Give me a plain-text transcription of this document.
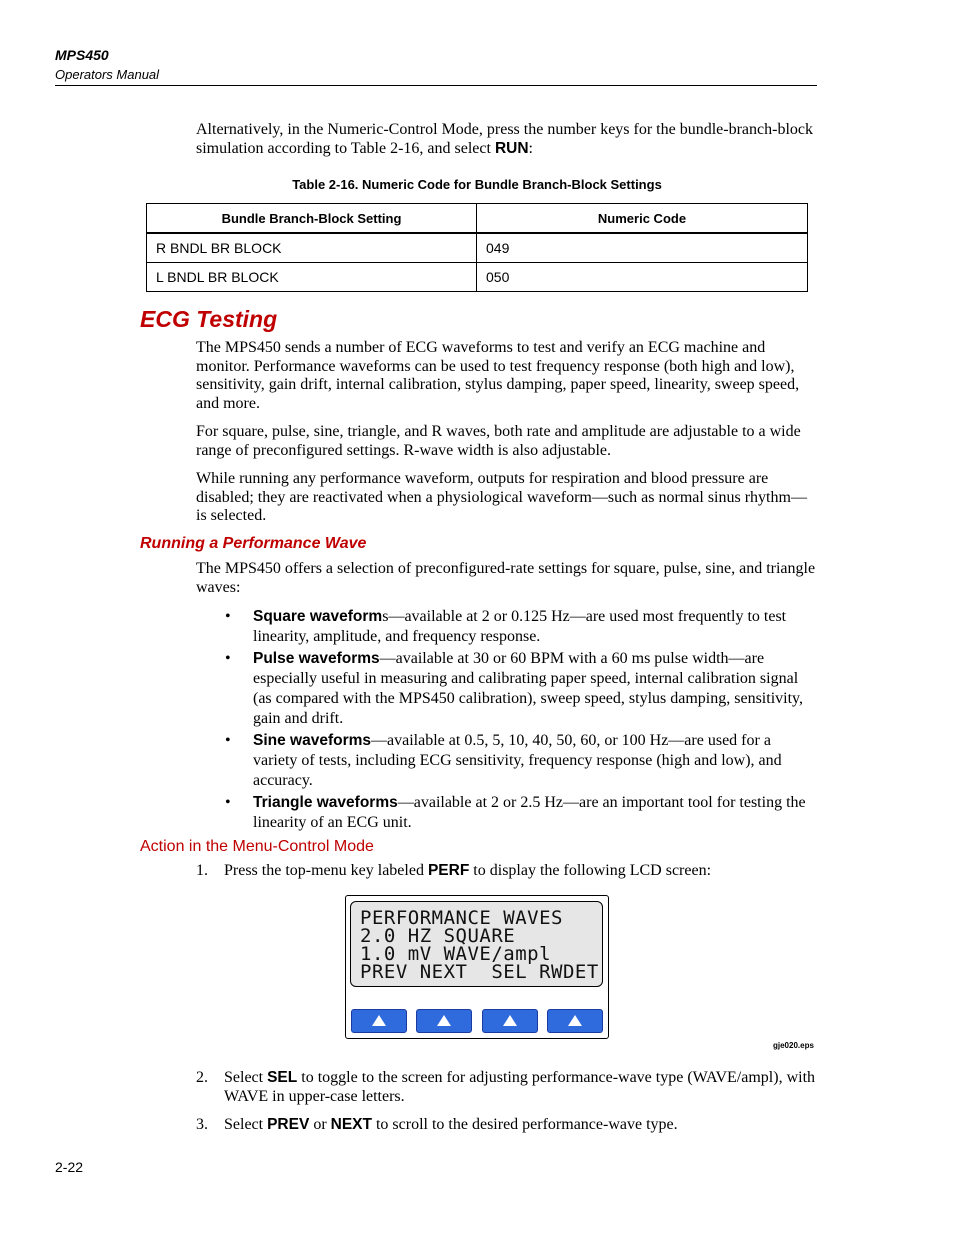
MPS450
Operators Manual
Alternatively, in the Numeric-Control Mode, press the number keys for the bundle-branch-block simulation according to Table 2-16, and select RUN:
Table 2-16. Numeric Code for Bundle Branch-Block Settings
Bundle Branch-Block Setting	Numeric Code
R BNDL BR BLOCK	049
L BNDL BR BLOCK	050
ECG Testing
The MPS450 sends a number of ECG waveforms to test and verify an ECG machine and monitor. Performance waveforms can be used to test frequency response (both high and low), sensitivity, gain drift, internal calibration, stylus damping, paper speed, linearity, sweep speed, and more.
For square, pulse, sine, triangle, and R waves, both rate and amplitude are adjustable to a wide range of preconfigured settings. R-wave width is also adjustable.
While running any performance waveform, outputs for respiration and blood pressure are disabled; they are reactivated when a physiological waveform—such as normal sinus rhythm—is selected.
Running a Performance Wave
The MPS450 offers a selection of preconfigured-rate settings for square, pulse, sine, and triangle waves:
• Square waveforms—available at 2 or 0.125 Hz—are used most frequently to test linearity, amplitude, and frequency response.
• Pulse waveforms—available at 30 or 60 BPM with a 60 ms pulse width—are especially useful in measuring and calibrating paper speed, internal calibration signal (as compared with the MPS450 calibration), sweep speed, stylus damping, sensitivity, gain and drift.
• Sine waveforms—available at 0.5, 5, 10, 40, 50, 60, or 100 Hz—are used for a variety of tests, including ECG sensitivity, frequency response (high and low), and accuracy.
• Triangle waveforms—available at 2 or 2.5 Hz—are an important tool for testing the linearity of an ECG unit.
Action in the Menu-Control Mode
1. Press the top-menu key labeled PERF to display the following LCD screen:
PERFORMANCE WAVES
2.0 HZ SQUARE
1.0 mV WAVE/ampl
PREV NEXT  SEL RWDET
gje020.eps
2. Select SEL to toggle to the screen for adjusting performance-wave type (WAVE/ampl), with WAVE in upper-case letters.
3. Select PREV or NEXT to scroll to the desired performance-wave type.
2-22
